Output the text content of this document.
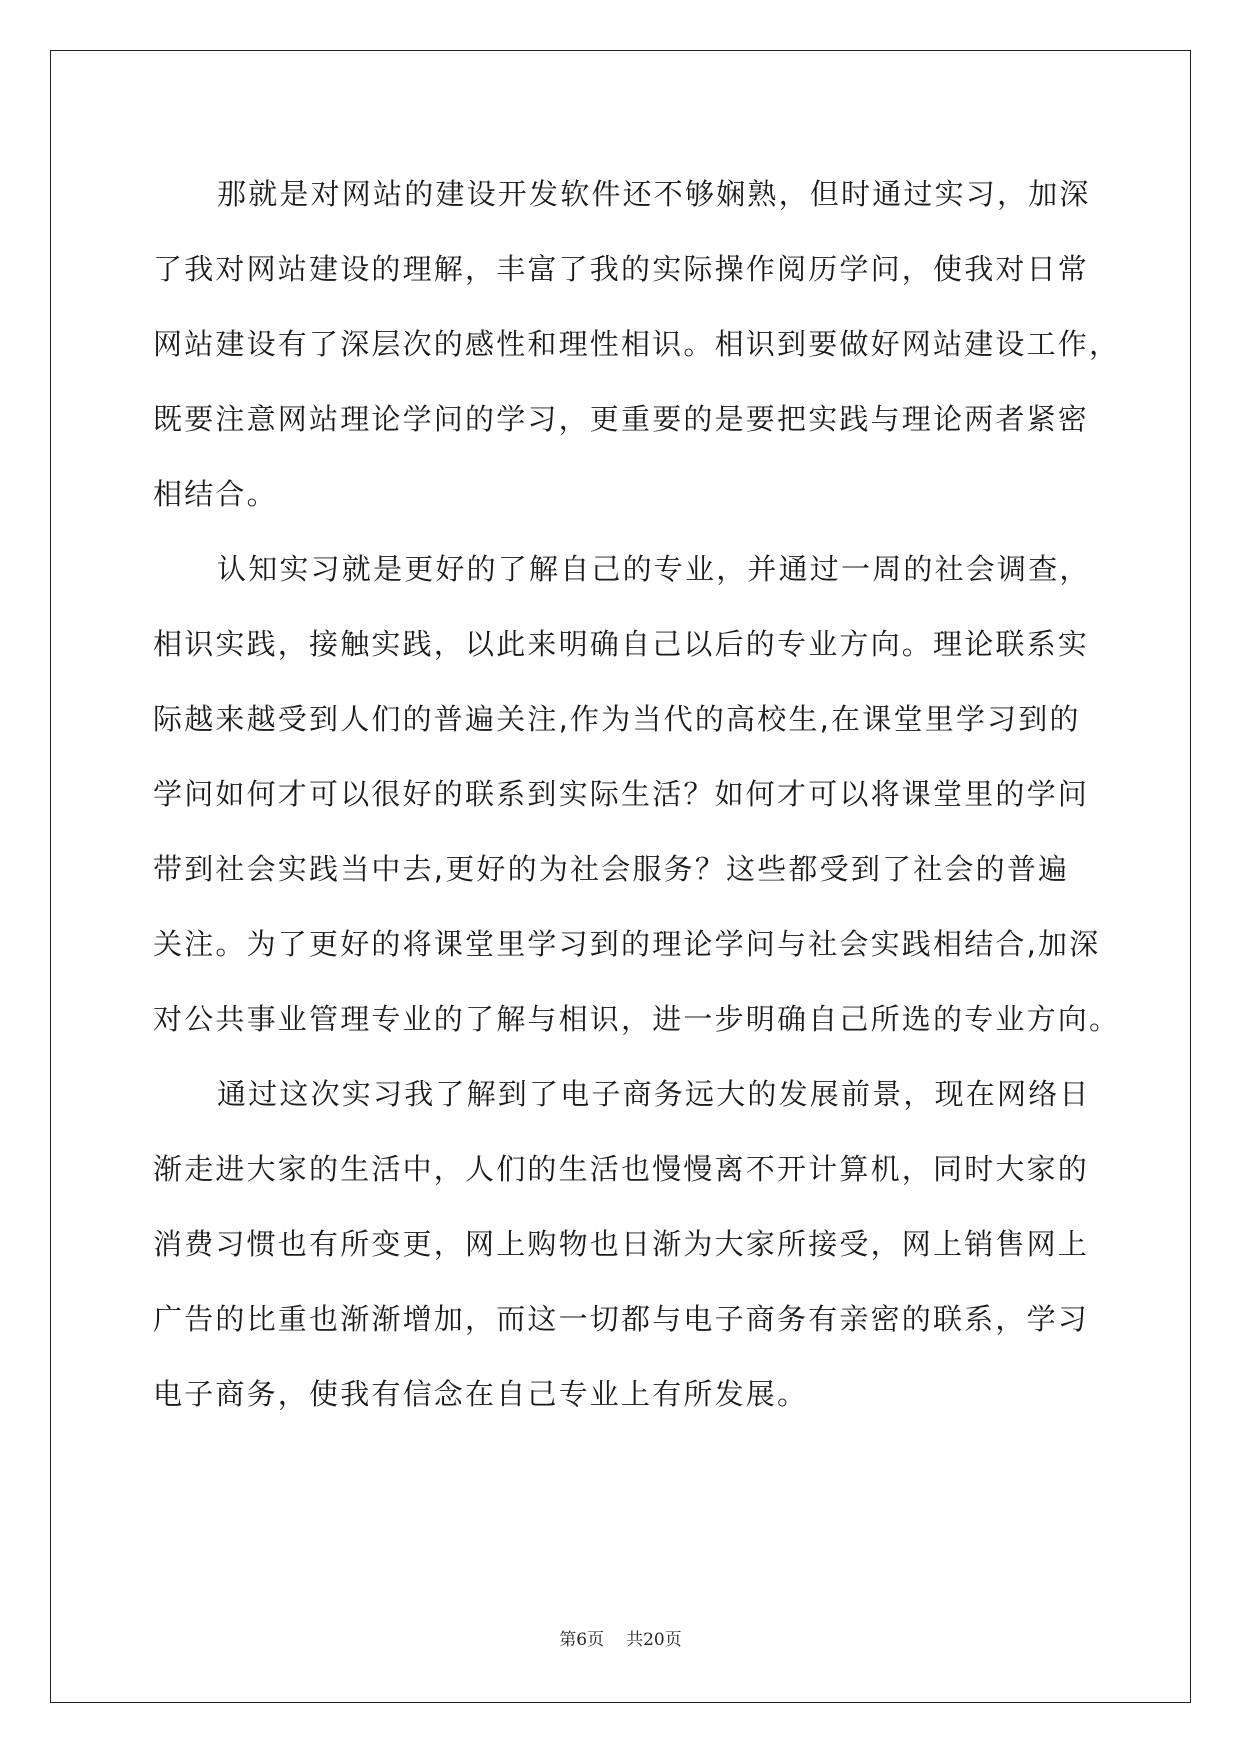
那就是对网站的建设开发软件还不够娴熟，但时通过实习，加深
了我对网站建设的理解，丰富了我的实际操作阅历学问，使我对日常
网站建设有了深层次的感性和理性相识。相识到要做好网站建设工作，
既要注意网站理论学问的学习，更重要的是要把实践与理论两者紧密
相结合。
认知实习就是更好的了解自己的专业，并通过一周的社会调查，
相识实践，接触实践，以此来明确自己以后的专业方向。理论联系实
际越来越受到人们的普遍关注,作为当代的高校生,在课堂里学习到的
学问如何才可以很好的联系到实际生活？如何才可以将课堂里的学问
带到社会实践当中去,更好的为社会服务？这些都受到了社会的普遍
关注。为了更好的将课堂里学习到的理论学问与社会实践相结合,加深
对公共事业管理专业的了解与相识，进一步明确自己所选的专业方向。
通过这次实习我了解到了电子商务远大的发展前景，现在网络日
渐走进大家的生活中，人们的生活也慢慢离不开计算机，同时大家的
消费习惯也有所变更，网上购物也日渐为大家所接受，网上销售网上
广告的比重也渐渐增加，而这一切都与电子商务有亲密的联系，学习
电子商务，使我有信念在自己专业上有所发展。
第6页 共20页
